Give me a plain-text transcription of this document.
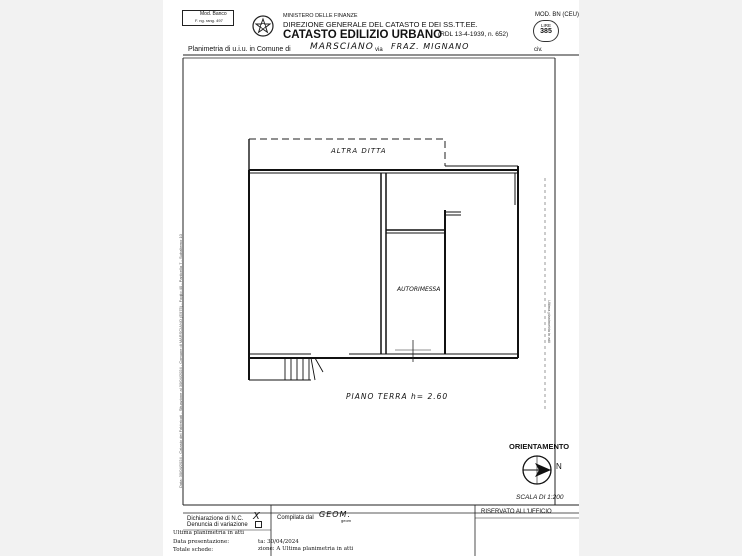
Mod. Banco
F. ng. rang. 497
MINISTERO DELLE FINANZE
DIREZIONE GENERALE DEL CATASTO E DEI SS.TT.EE.
CATASTO EDILIZIO URBANO
(RDL 13-4-1939, n. 652)
MOD. BN (CEU)
LIRE
385
Planimetria di u.i.u. in Comune di MARSCIANO via FRAZ. MIGNANO	civ.
ALTRA DITTA
AUTORIMESSA
PIANO TERRA h= 2.60
ORIENTAMENTO
N
SCALA DI 1:200
Ultima planimetria in atti
Data: 30/04/2024 - Catasto dei Fabbricati - Situazione al 30/04/2024 - Comune di MARSCIANO (E975) - Foglio 40 - Particella 7 - Subalterno 10
Dichiarazione di N.C. X
Denuncia di variazione
Ultima planimetria in atti
Data presentazione:
Totale schede:
Compilata dal GEOM.
geom
ta: 30/04/2024
zione: A Ultima planimetria in atti
RISERVATO ALL'UFFICIO
